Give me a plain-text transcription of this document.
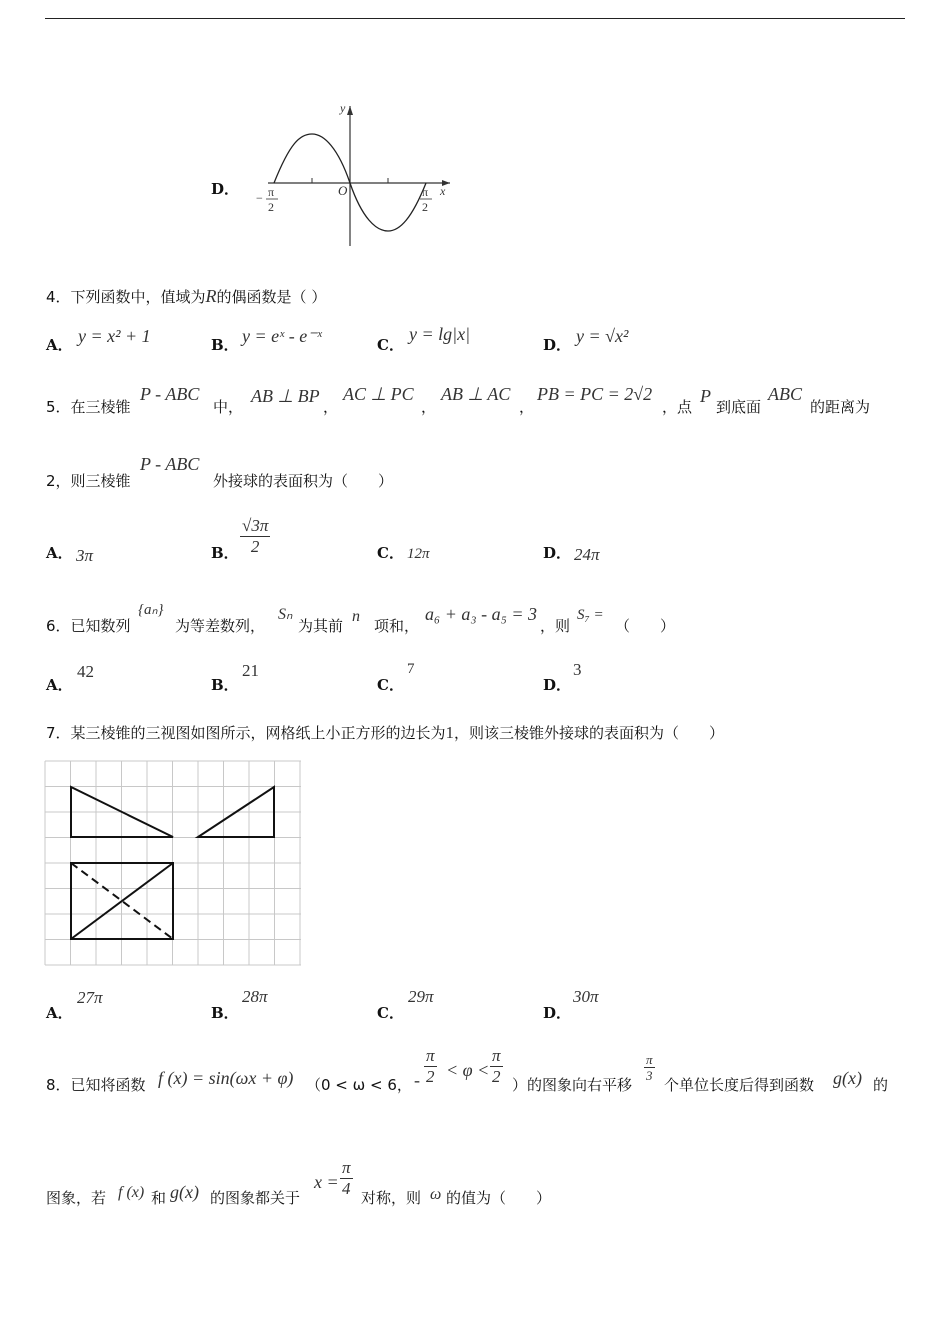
D．
y
x
O
− π
2
π
2
4．下列函数中，值域为R的偶函数是（ ）
A． y = x² + 1	B． y = eˣ - e⁻ˣ	C．
y = lg|x|
D． y = √x²
5．在三棱锥
P - ABC
中，
AB ⊥ BP
，
AC ⊥ PC
，
AB ⊥ AC
，
PB = PC = 2√2
，点
P
到底面
ABC
的距离为
2，则三棱锥
P - ABC
外接球的表面积为（　　）
A． 3π	B． $\frac{√3\pi}{2}$	C． 12π	D． 24π
6．已知数列
{aₙ}
为等差数列，
Sₙ
为其前
n
项和，
a₆ + a₃ - a₅ = 3
，则
S₇ =
（　　）
A．
42
B．
21
C．
7
D．
3
7．某三棱锥的三视图如图所示，网格纸上小正方形的边长为1，则该三棱锥外接球的表面积为（　　）
A．
27π
B．
28π
C．
29π
D．
30π
8．已知将函数 f (x) = sin(ωx + φ) （0 < ω < 6， - $\frac{\pi}{2} < \varphi < \frac{\pi}{2}$ ）的图象向右平移
$\frac{\pi}{3}$
个单位长度后得到函数 g(x) 的
图象，若 f (x) 和 g(x) 的图象都关于
$x = \frac{\pi}{4}$ 对称，则 ω 的值为（　　）
